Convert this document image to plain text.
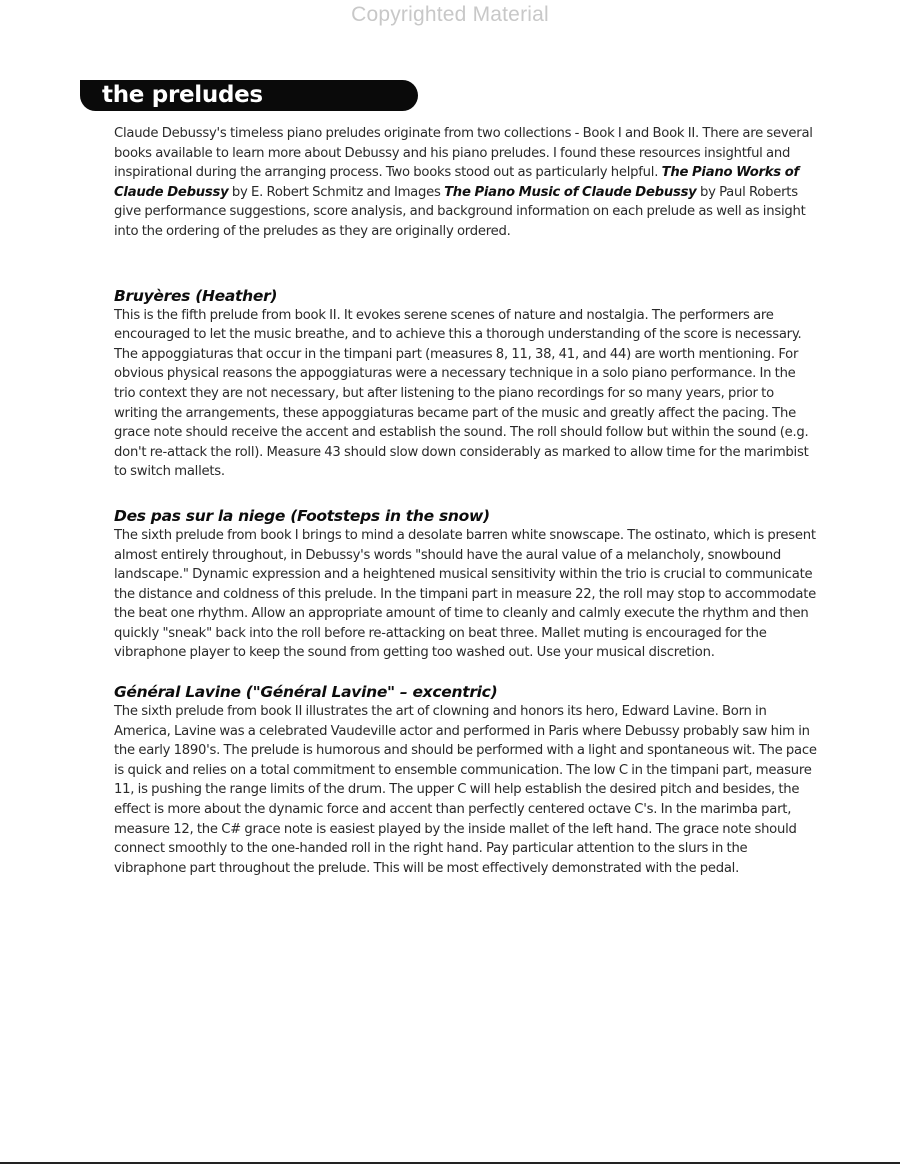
Copyrighted Material
the preludes

Claude Debussy's timeless piano preludes originate from two collections - Book I and Book II. There are several books available to learn more about Debussy and his piano preludes. I found these resources insightful and inspirational during the arranging process. Two books stood out as particularly helpful. The Piano Works of Claude Debussy by E. Robert Schmitz and Images The Piano Music of Claude Debussy by Paul Roberts give performance suggestions, score analysis, and background information on each prelude as well as insight into the ordering of the preludes as they are originally ordered.

Bruyères (Heather)

This is the fifth prelude from book II. It evokes serene scenes of nature and nostalgia. The performers are encouraged to let the music breathe, and to achieve this a thorough understanding of the score is necessary. The appoggiaturas that occur in the timpani part (measures 8, 11, 38, 41, and 44) are worth mentioning. For obvious physical reasons the appoggiaturas were a necessary technique in a solo piano performance. In the trio context they are not necessary, but after listening to the piano recordings for so many years, prior to writing the arrangements, these appoggiaturas became part of the music and greatly affect the pacing. The grace note should receive the accent and establish the sound. The roll should follow but within the sound (e.g. don't re-attack the roll). Measure 43 should slow down considerably as marked to allow time for the marimbist to switch mallets.

Des pas sur la niege (Footsteps in the snow)

The sixth prelude from book I brings to mind a desolate barren white snowscape. The ostinato, which is present almost entirely throughout, in Debussy's words "should have the aural value of a melancholy, snowbound landscape." Dynamic expression and a heightened musical sensitivity within the trio is crucial to communicate the distance and coldness of this prelude. In the timpani part in measure 22, the roll may stop to accommodate the beat one rhythm. Allow an appropriate amount of time to cleanly and calmly execute the rhythm and then quickly "sneak" back into the roll before re-attacking on beat three. Mallet muting is encouraged for the vibraphone player to keep the sound from getting too washed out. Use your musical discretion.

Général Lavine ("Général Lavine" – excentric)

The sixth prelude from book II illustrates the art of clowning and honors its hero, Edward Lavine. Born in America, Lavine was a celebrated Vaudeville actor and performed in Paris where Debussy probably saw him in the early 1890's. The prelude is humorous and should be performed with a light and spontaneous wit. The pace is quick and relies on a total commitment to ensemble communication. The low C in the timpani part, measure 11, is pushing the range limits of the drum. The upper C will help establish the desired pitch and besides, the effect is more about the dynamic force and accent than perfectly centered octave C's. In the marimba part, measure 12, the C# grace note is easiest played by the inside mallet of the left hand. The grace note should connect smoothly to the one-handed roll in the right hand. Pay particular attention to the slurs in the vibraphone part throughout the prelude. This will be most effectively demonstrated with the pedal.
